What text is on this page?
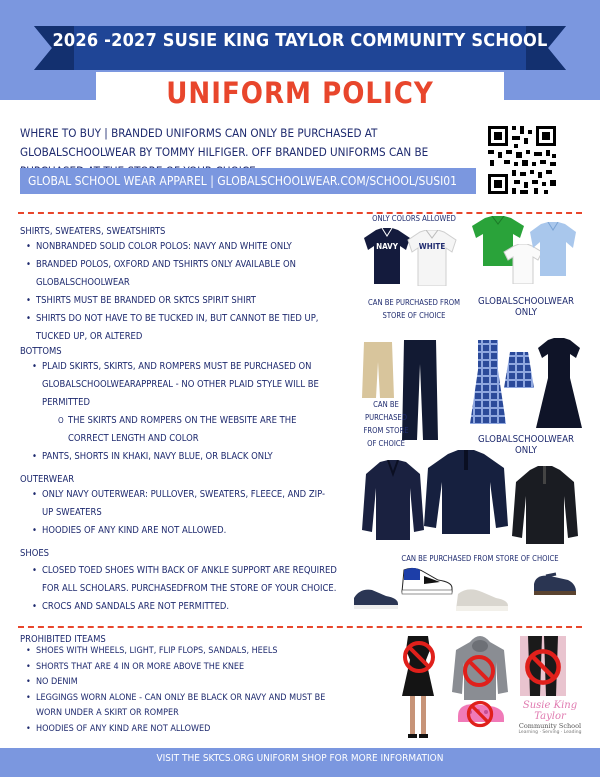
2026 -2027 SUSIE KING TAYLOR COMMUNITY SCHOOL
UNIFORM POLICY
WHERE TO BUY | BRANDED UNIFORMS CAN ONLY BE PURCHASED AT GLOBALSCHOOLWEAR BY TOMMY HILFIGER. OFF BRANDED UNIFORMS CAN BE
GLOBAL SCHOOL WEAR APPAREL | GLOBALSCHOOLWEAR.COM/SCHOOL/SUSI01
SHIRTS, SWEATERS, SWEATSHIRTS
• NONBRANDED SOLID COLOR POLOS: NAVY AND WHITE ONLY
• BRANDED POLOS, OXFORD AND TSHIRTS ONLY AVAILABLE ON GLOBALSCHOOLWEAR
• TSHIRTS MUST BE BRANDED OR SKTCS SPIRIT SHIRT
• SHIRTS DO NOT HAVE TO BE TUCKED IN, BUT CANNOT BE TIED UP, TUCKED UP, OR ALTERED
ONLY COLORS ALLOWED
NAVY	WHITE
CAN BE PURCHASED FROM STORE OF CHOICE
GLOBALSCHOOLWEAR ONLY
BOTTOMS
• PLAID SKIRTS, SKIRTS, AND ROMPERS MUST BE PURCHASED ON GLOBALSCHOOLWEARAPPREAL - NO OTHER PLAID STYLE WILL BE PERMITTED
O THE SKIRTS AND ROMPERS ON THE WEBSITE ARE THE CORRECT LENGTH AND COLOR
• PANTS, SHORTS IN KHAKI, NAVY BLUE, OR BLACK ONLY
CAN BE PURCHASED FROM STORE OF CHOICE	GLOBALSCHOOLWEAR ONLY
OUTERWEAR
• ONLY NAVY OUTERWEAR: PULLOVER, SWEATERS, FLEECE, AND ZIP-UP SWEATERS
• HOODIES OF ANY KIND ARE NOT ALLOWED.
CAN BE PURCHASED FROM STORE OF CHOICE
SHOES
• CLOSED TOED SHOES WITH BACK OF ANKLE SUPPORT ARE REQUIRED FOR ALL SCHOLARS. PURCHASEDFROM THE STORE OF YOUR CHOICE.
• CROCS AND SANDALS ARE NOT PERMITTED.
PROHIBITED ITEAMS
• SHOES WITH WHEELS, LIGHT, FLIP FLOPS, SANDALS, HEELS
• SHORTS THAT ARE 4 IN OR MORE ABOVE THE KNEE
• NO DENIM
• LEGGINGS WORN ALONE - CAN ONLY BE BLACK OR NAVY AND MUST BE WORN UNDER A SKIRT OR ROMPER
• HOODIES OF ANY KIND ARE NOT ALLOWED
Susie King Taylor
Community School
Learning · Serving · Leading
VISIT THE SKTCS.ORG UNIFORM SHOP FOR MORE INFORMATION
